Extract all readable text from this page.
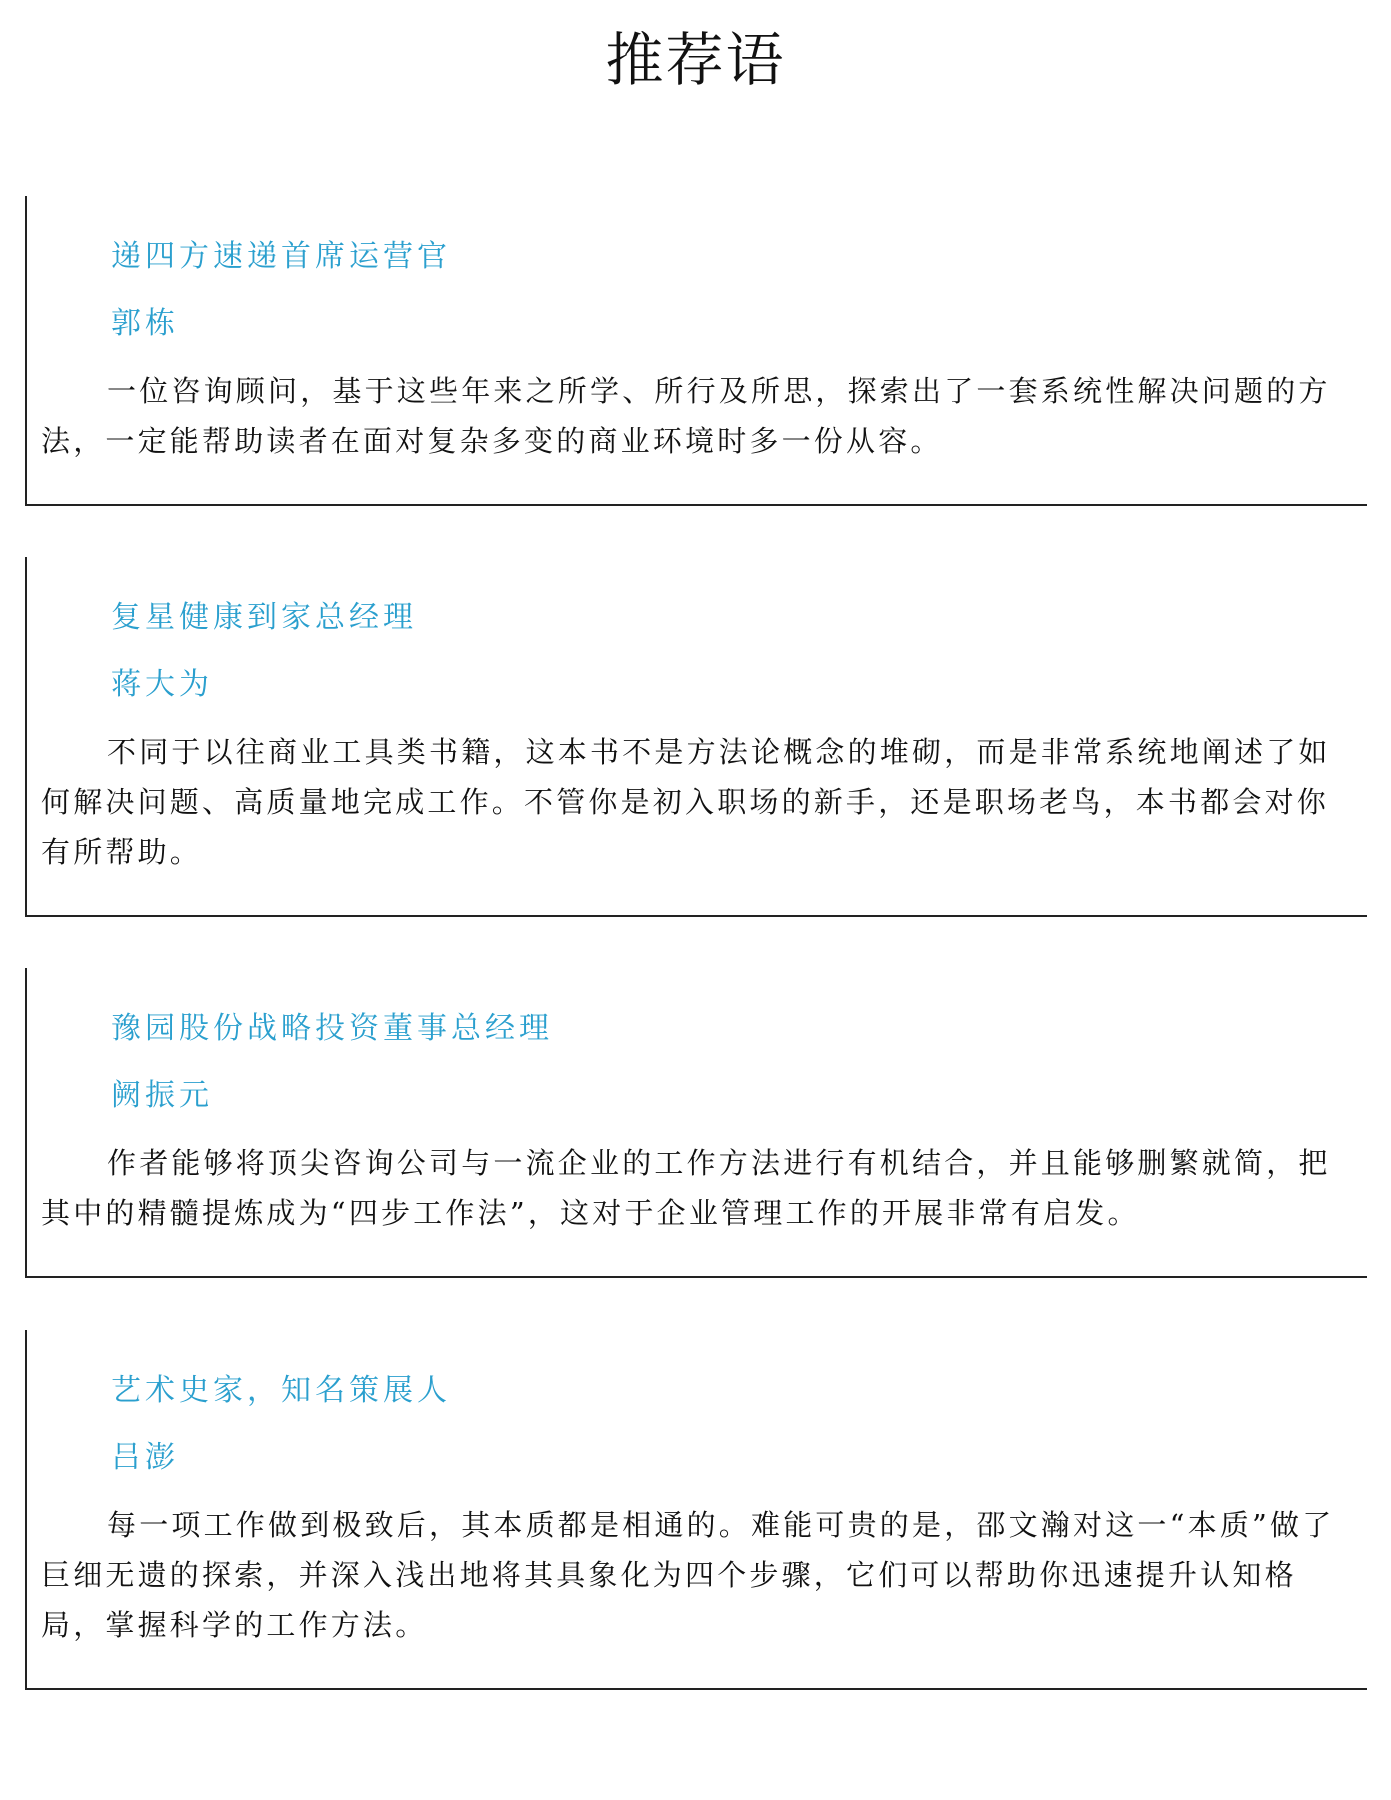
推荐语
递四方速递首席运营官
郭栋

一位咨询顾问，基于这些年来之所学、所行及所思，探索出了一套系统性解决问题的方法，一定能帮助读者在面对复杂多变的商业环境时多一份从容。

复星健康到家总经理
蒋大为

不同于以往商业工具类书籍，这本书不是方法论概念的堆砌，而是非常系统地阐述了如何解决问题、高质量地完成工作。不管你是初入职场的新手，还是职场老鸟，本书都会对你有所帮助。

豫园股份战略投资董事总经理
阙振元

作者能够将顶尖咨询公司与一流企业的工作方法进行有机结合，并且能够删繁就简，把其中的精髓提炼成为“四步工作法”，这对于企业管理工作的开展非常有启发。

艺术史家，知名策展人
吕澎

每一项工作做到极致后，其本质都是相通的。难能可贵的是，邵文瀚对这一“本质”做了巨细无遗的探索，并深入浅出地将其具象化为四个步骤，它们可以帮助你迅速提升认知格局，掌握科学的工作方法。
